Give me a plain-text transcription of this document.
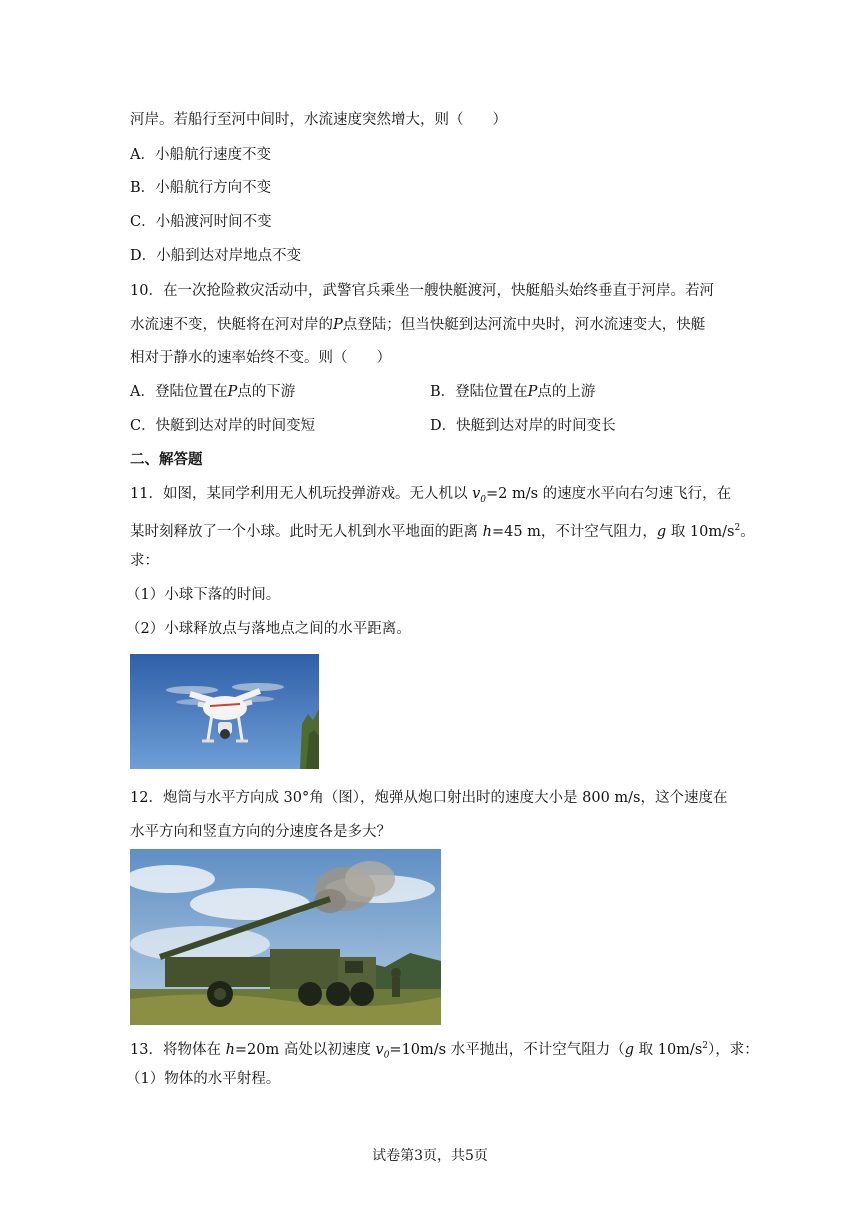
河岸。若船行至河中间时，水流速度突然增大，则（　　）
A．小船航行速度不变
B．小船航行方向不变
C．小船渡河时间不变
D．小船到达对岸地点不变
10．在一次抢险救灾活动中，武警官兵乘坐一艘快艇渡河，快艇船头始终垂直于河岸。若河
水流速不变，快艇将在河对岸的P点登陆；但当快艇到达河流中央时，河水流速变大，快艇
相对于静水的速率始终不变。则（　　）
A．登陆位置在P点的下游	B．登陆位置在P点的上游
C．快艇到达对岸的时间变短	D．快艇到达对岸的时间变长
二、解答题
11．如图，某同学利用无人机玩投弹游戏。无人机以 $v_0=2$ m/s 的速度水平向右匀速飞行，在
某时刻释放了一个小球。此时无人机到水平地面的距离 h=45 m，不计空气阻力，g 取 $10m/s^2$。
求：
（1）小球下落的时间。
（2）小球释放点与落地点之间的水平距离。
12．炮筒与水平方向成 30°角（图），炮弹从炮口射出时的速度大小是 800 m/s，这个速度在
水平方向和竖直方向的分速度各是多大？
13．将物体在 h=20m 高处以初速度 $v_0=10m/s$ 水平抛出，不计空气阻力（g 取 $10m/s^2$），求：
（1）物体的水平射程。
试卷第3页，共5页
